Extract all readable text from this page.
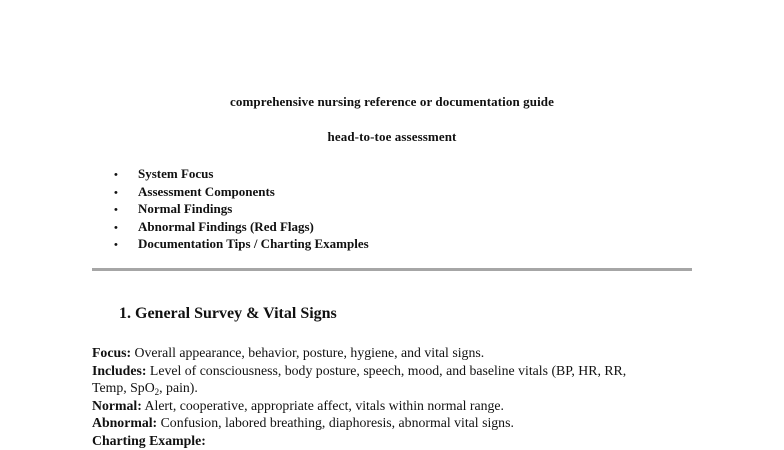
comprehensive nursing reference or documentation guide
head-to-toe assessment
• System Focus
• Assessment Components
• Normal Findings
• Abnormal Findings (Red Flags)
• Documentation Tips / Charting Examples
1. General Survey & Vital Signs

Focus: Overall appearance, behavior, posture, hygiene, and vital signs.

Includes: Level of consciousness, body posture, speech, mood, and baseline vitals (BP, HR, RR,
Temp, SpO$_2$, pain).

Normal: Alert, cooperative, appropriate affect, vitals within normal range.

Abnormal: Confusion, labored breathing, diaphoresis, abnormal vital signs.

Charting Example:
